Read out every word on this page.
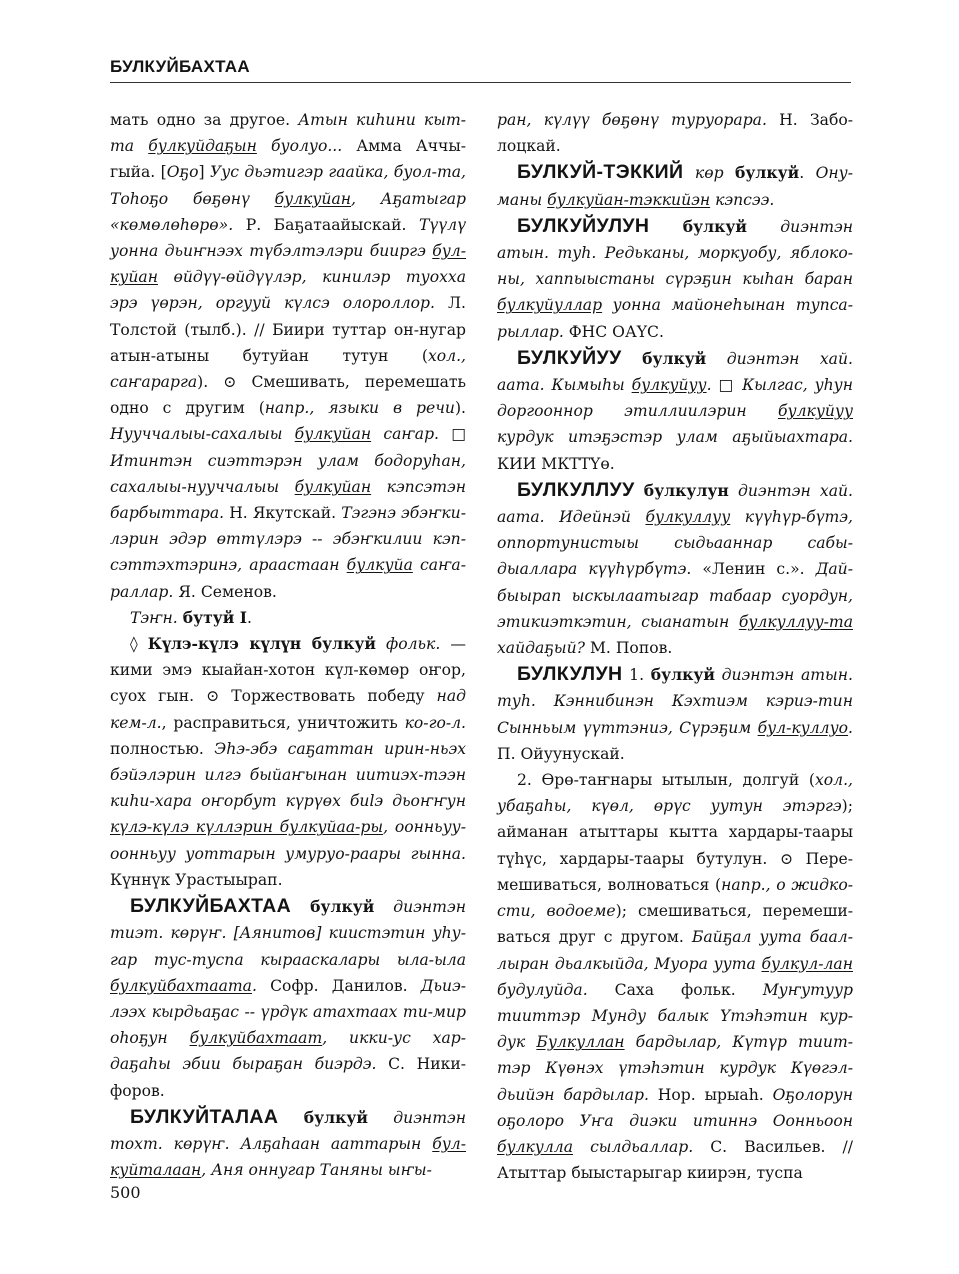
БУЛКУЙБАХТАА

мать одно за другое. Атын киhини кыт-та булкуйдаҕын буолуо... Амма Аччы-гыйа. [Оҕо] Уус дьэтигэр гаайка, буол-та, Тоhоҕо бөҕөнү булкуйан, Аҕатыгар «көмөлөhөрө». Р. Баҕатаайыскай. Түүлү уонна дьиҥнээх түбэлтэлэри бииргэ бул-куйан өйдүү-өйдүүлэр, кинилэр туохха эрэ үөрэн, оргууй күлсэ олороллор. Л. Толстой (тылб.). // Биири туттар он-нугар атын-атыны бутуйан тутун (хол., саҥарарга). ⊙ Смешивать, перемешать одно с другим (напр., языки в речи). Нууччалыы-сахалыы булкуйан саҥар. □ Итинтэн сиэттэрэн улам бодоруhан, сахалыы-нууччалыы булкуйан кэпсэтэн барбыттара. Н. Якутскай. Тэгэнэ эбэҥки-лэрин эдэр өттүлэрэ -- эбэҥкилии кэп-сэттэхтэринэ, араастаан булкуйа саҥа-раллар. Я. Семенов.

Тэҥн. бутуй I.

◊ Күлэ-күлэ күлүн булкуй фольк. — кими эмэ кыайан-хотон күл-көмөр оҥор, суох гын. ⊙ Торжествовать победу над кем-л., расправиться, уничтожить ко-го-л. полностью. Эhэ-эбэ саҕаттан ирин-ньэх бэйэлэрин илгэ быйаҥынан иитиэх-тээн киhи-хара оҥорбут күрүөх биlэ дьоҥҥун күлэ-күлэ күллэрин булкуйаа-ры, оонньуу-оонньуу уоттарын умуруо-раары гынна. Күннүк Урастыырап.

БУЛКУЙБАХТАА булкуй диэнтэн тиэт. көрүҥ. [Аянитов] киистэтин уhу-гар тус-туспа кырааскалары ыла-ыла булкуйбахтаата. Софр. Данилов. Дьиэ-лээх кырдьаҕас -- үрдүк атахтаах ти-мир оhоҕун булкуйбахтаат, икки-ус хар-даҕаhы эбии быраҕан биэрдэ. С. Ники-форов.

БУЛКУЙТАЛАА булкуй диэнтэн тохт. көрүҥ. Алҕаhаан ааттарын бул-куйталаан, Аня оннугар Таняны ыҥы-

ран, күлүү бөҕөнү туруорара. Н. Забо-лоцкай.

БУЛКУЙ-ТЭККИЙ көр булкуй. Ону-маны булкуйан-тэккийэн кэпсээ.

БУЛКУЙУЛУН булкуй диэнтэн атын. туh. Редьканы, моркуобу, яблоко-ны, хаппыыстаны сүрэҕин кыhан баран булкуйуллар уонна майонеhынан тупса-рыллар. ФНС ОАҮС.

БУЛКУЙУУ булкуй диэнтэн хай. аата. Кымыhы булкуйуу. □ Кылгас, уhун доргооннор этиллиилэрин булкуйуу курдук итэҕэстэр улам аҕыйыахтара. КИИ МКТТҮө.

БУЛКУЛЛУУ булкулун диэнтэн хай. аата. Идейнэй булкуллуу күүhүр-бүтэ, оппортунистыы сыдьааннар сабы-дыаллара күүhүрбүтэ. «Ленин с.». Дай-быырап ыскылаатыгар табаар суордун, этикиэткэтин, сыанатын булкуллуу-та хайдаҕый? М. Попов.

БУЛКУЛУН 1. булкуй диэнтэн атын. туh. Кэннибинэн Кэхтиэм кэриэ-тин Сынньым үүттэниэ, Сүрэҕим бул-куллуо. П. Ойуунускай.

2. Өрө-таҥнары ытылын, долгуй (хол., убаҕаhы, күөл, өрүс уутун этэргэ); айманан атыттары кытта хардары-таары түhүс, хардары-таары бутулун. ⊙ Пере-мешиваться, волноваться (напр., о жидко-сти, водоеме); смешиваться, перемеши-ваться друг с другом. Байҕал уута баал-лыран дьалкыйда, Муора уута булкул-лан будулуйда. Саха фольк. Муҥутуур тииттэр Мунду балык Үтэhэтин кур-дук Булкуллан бардылар, Күтүр тиит-тэр Күөнэх үтэhэтин курдук Күөгэл-дьийэн бардылар. Нор. ырыаh. Оҕолорун оҕолоро Уҥа диэки итиннэ Оонньоон булкулла сылдьаллар. С. Васильев. // Атыттар быыстарыгар киирэн, туспа

500
